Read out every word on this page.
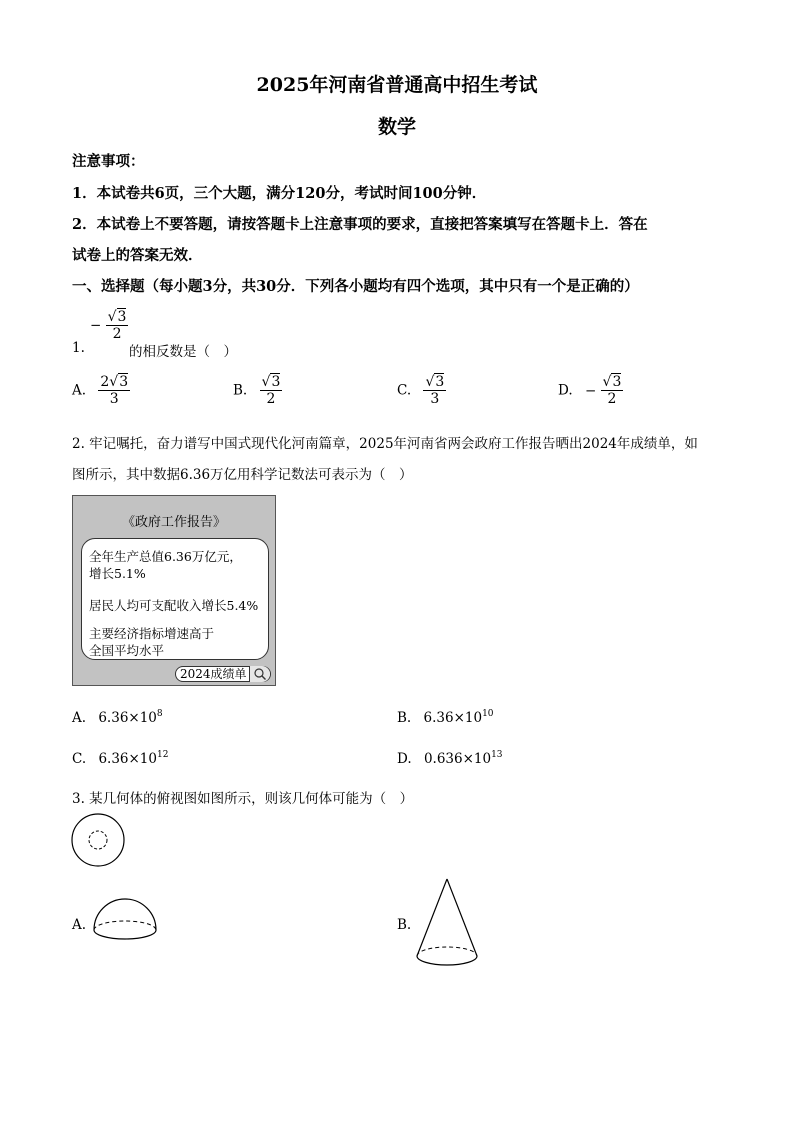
2025年河南省普通高中招生考试
数学
注意事项：
1．本试卷共6页，三个大题，满分120分，考试时间100分钟．
2．本试卷上不要答题，请按答题卡上注意事项的要求，直接把答案填写在答题卡上．答在
试卷上的答案无效．
一、选择题（每小题3分，共30分．下列各小题均有四个选项，其中只有一个是正确的）
1.
− $\frac{√3}{2}$
的相反数是（　）
A. $\frac{2√3}{3}$	B. $\frac{√3}{2}$	C. $\frac{√3}{3}$	D. − $\frac{√3}{2}$
2. 牢记嘱托，奋力谱写中国式现代化河南篇章，2025年河南省两会政府工作报告晒出2024年成绩单，如
图所示，其中数据6.36万亿用科学记数法可表示为（　）
《政府工作报告》
全年生产总值6.36万亿元，
增长5.1%
居民人均可支配收入增长5.4%
主要经济指标增速高于
全国平均水平
2024成绩单
A. $6.36\times 10^8$	B. $6.36\times 10^{10}$
C. $6.36\times 10^{12}$	D. $0.636\times 10^{13}$
3. 某几何体的俯视图如图所示，则该几何体可能为（　）
A.	B.
